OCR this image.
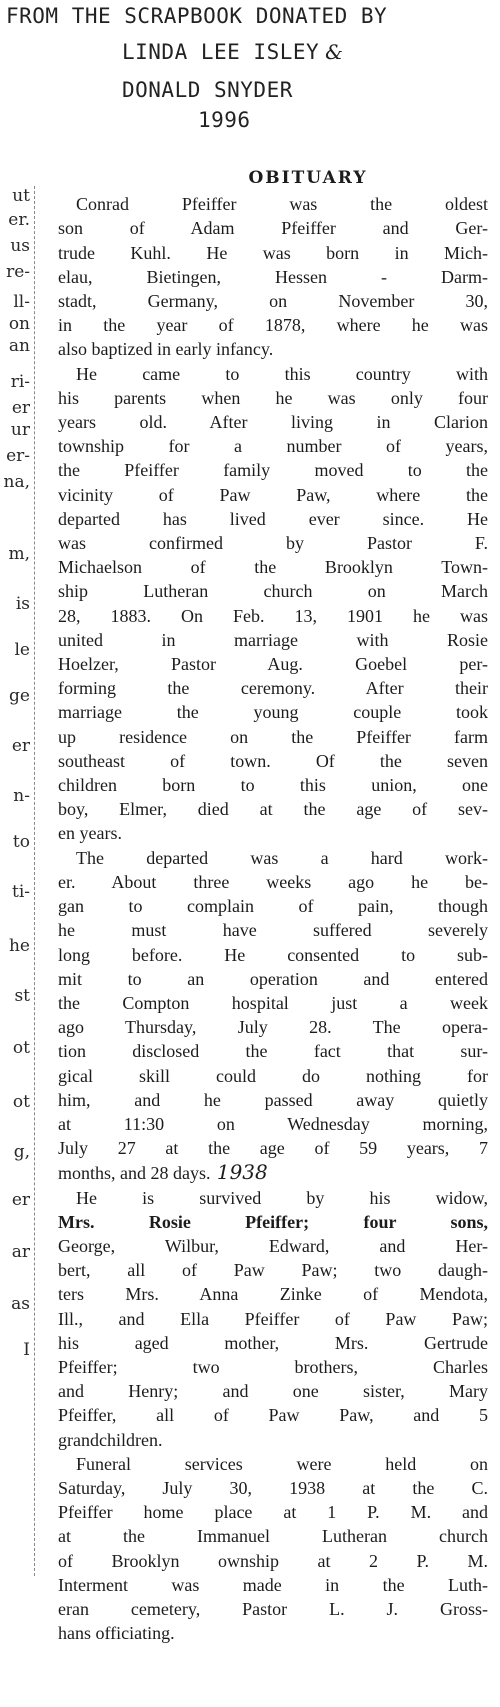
FROM THE SCRAPBOOK DONATED BY
LINDA LEE ISLEY &
DONALD SNYDER
1996
ut
er.
us
re-
ll-
on
an
ri-
er
ur
er-
na,
m,
is
le
ge
er
n-
to
ti-
he
st
ot
ot
g,
er
ar
as
I
OBITUARY
Conrad Pfeiffer was the oldest
son of Adam Pfeiffer and Ger-
trude Kuhl. He was born in Mich-
elau, Bietingen, Hessen - Darm-
stadt, Germany, on November 30,
in the year of 1878, where he was
also baptized in early infancy.
He came to this country with
his parents when he was only four
years old. After living in Clarion
township for a number of years,
the Pfeiffer family moved to the
vicinity of Paw Paw, where the
departed has lived ever since. He
was confirmed by Pastor F.
Michaelson of the Brooklyn Town-
ship Lutheran church on March
28, 1883. On Feb. 13, 1901 he was
united in marriage with Rosie
Hoelzer, Pastor Aug. Goebel per-
forming the ceremony. After their
marriage the young couple took
up residence on the Pfeiffer farm
southeast of town. Of the seven
children born to this union, one
boy, Elmer, died at the age of sev-
en years.
The departed was a hard work-
er. About three weeks ago he be-
gan to complain of pain, though
he must have suffered severely
long before. He consented to sub-
mit to an operation and entered
the Compton hospital just a week
ago Thursday, July 28. The opera-
tion disclosed the fact that sur-
gical skill could do nothing for
him, and he passed away quietly
at 11:30 on Wednesday morning,
July 27 at the age of 59 years, 7
months, and 28 days. 1938
He is survived by his widow,
Mrs. Rosie Pfeiffer; four sons,
George, Wilbur, Edward, and Her-
bert, all of Paw Paw; two daugh-
ters Mrs. Anna Zinke of Mendota,
Ill., and Ella Pfeiffer of Paw Paw;
his aged mother, Mrs. Gertrude
Pfeiffer; two brothers, Charles
and Henry; and one sister, Mary
Pfeiffer, all of Paw Paw, and 5
grandchildren.
Funeral services were held on
Saturday, July 30, 1938 at the C.
Pfeiffer home place at 1 P. M. and
at the Immanuel Lutheran church
of Brooklyn ownship at 2 P. M.
Interment was made in the Luth-
eran cemetery, Pastor L. J. Gross-
hans officiating.
